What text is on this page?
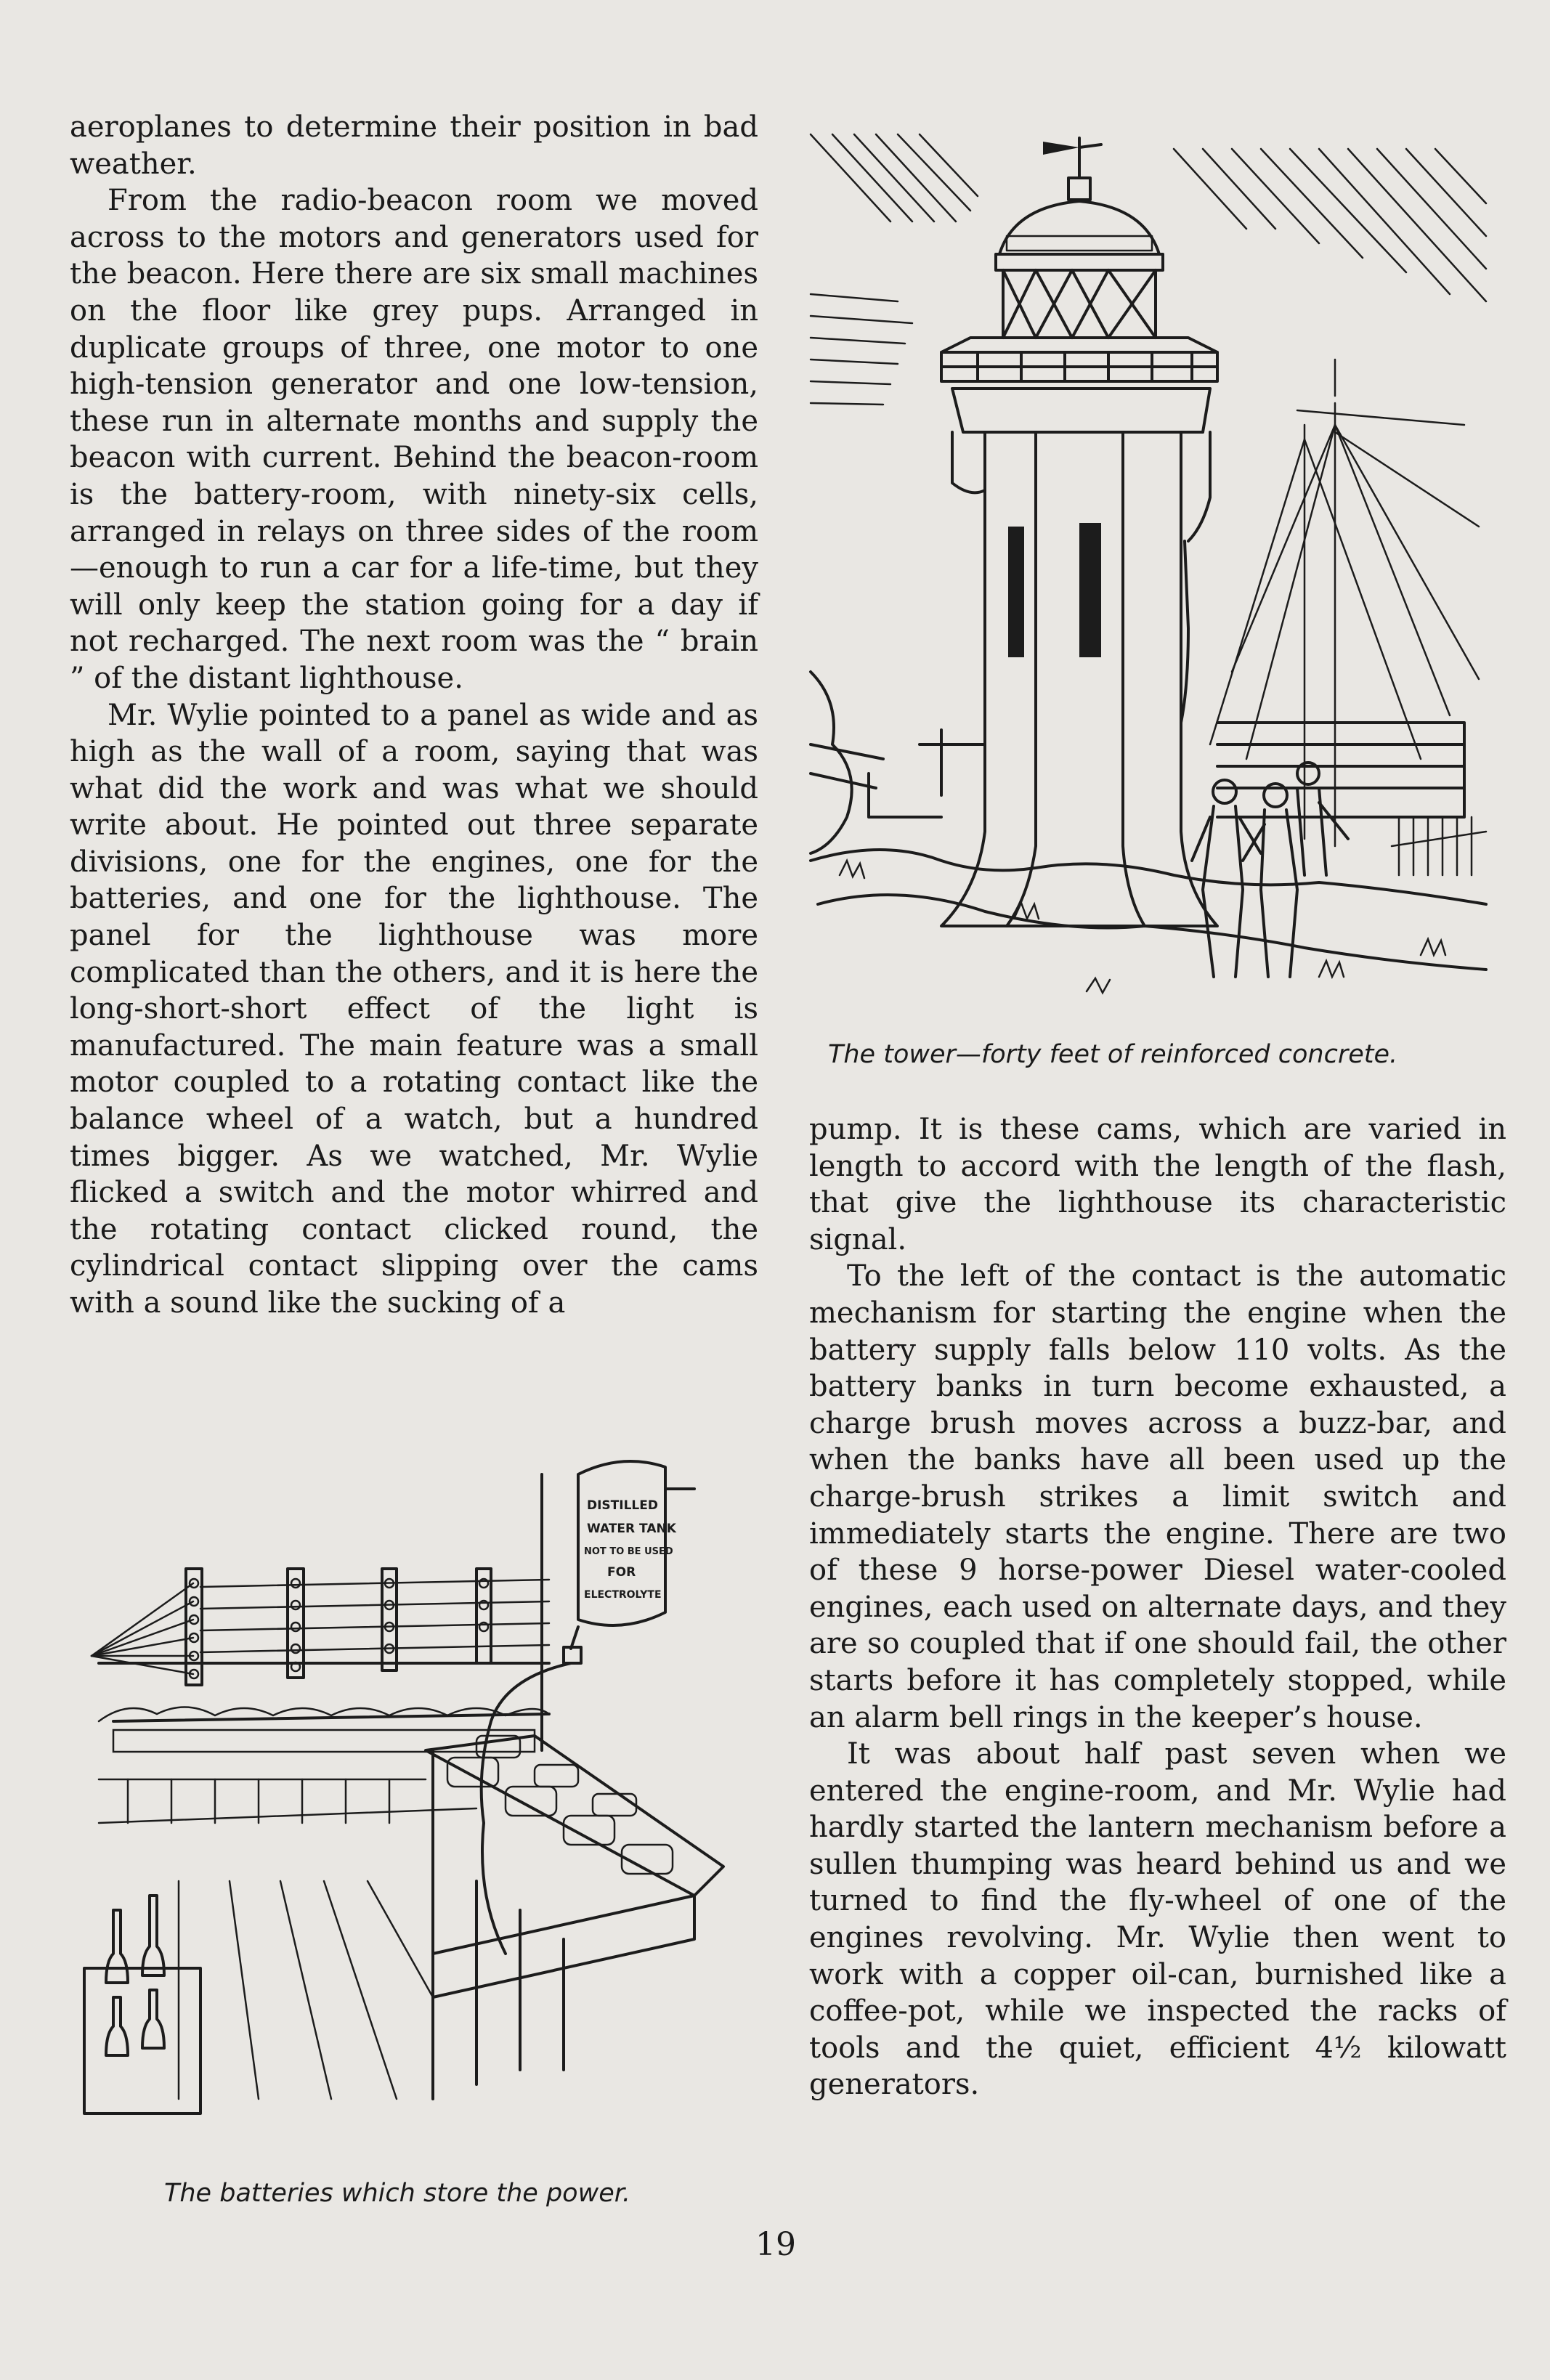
aeroplanes to determine their position in bad weather.

From the radio-beacon room we moved across to the motors and generators used for the beacon. Here there are six small machines on the floor like grey pups. Arranged in duplicate groups of three, one motor to one high-tension generator and one low-tension, these run in alternate months and supply the beacon with current. Behind the beacon-room is the battery-room, with ninety-six cells, arranged in relays on three sides of the room—enough to run a car for a life-time, but they will only keep the station going for a day if not recharged. The next room was the “ brain ” of the distant lighthouse.

Mr. Wylie pointed to a panel as wide and as high as the wall of a room, saying that was what did the work and was what we should write about. He pointed out three separate divisions, one for the engines, one for the batteries, and one for the lighthouse. The panel for the lighthouse was more complicated than the others, and it is here the long-short-short effect of the light is manufactured. The main feature was a small motor coupled to a rotating contact like the balance wheel of a watch, but a hundred times bigger. As we watched, Mr. Wylie flicked a switch and the motor whirred and the rotating contact clicked round, the cylindrical contact slipping over the cams with a sound like the sucking of a

The tower—forty feet of reinforced concrete.

pump. It is these cams, which are varied in length to accord with the length of the flash, that give the lighthouse its characteristic signal.

To the left of the contact is the automatic mechanism for starting the engine when the battery supply falls below 110 volts. As the battery banks in turn become exhausted, a charge brush moves across a buzz-bar, and when the banks have all been used up the charge-brush strikes a limit switch and immediately starts the engine. There are two of these 9 horse-power Diesel water-cooled engines, each used on alternate days, and they are so coupled that if one should fail, the other starts before it has completely stopped, while an alarm bell rings in the keeper’s house.

It was about half past seven when we entered the engine-room, and Mr. Wylie had hardly started the lantern mechanism before a sullen thumping was heard behind us and we turned to find the fly-wheel of one of the engines revolving. Mr. Wylie then went to work with a copper oil-can, burnished like a coffee-pot, while we inspected the racks of tools and the quiet, efficient 4½ kilowatt generators.

DISTILLED
WATER TANK
NOT TO BE USED
FOR
ELECTROLYTE
The batteries which store the power.
19
